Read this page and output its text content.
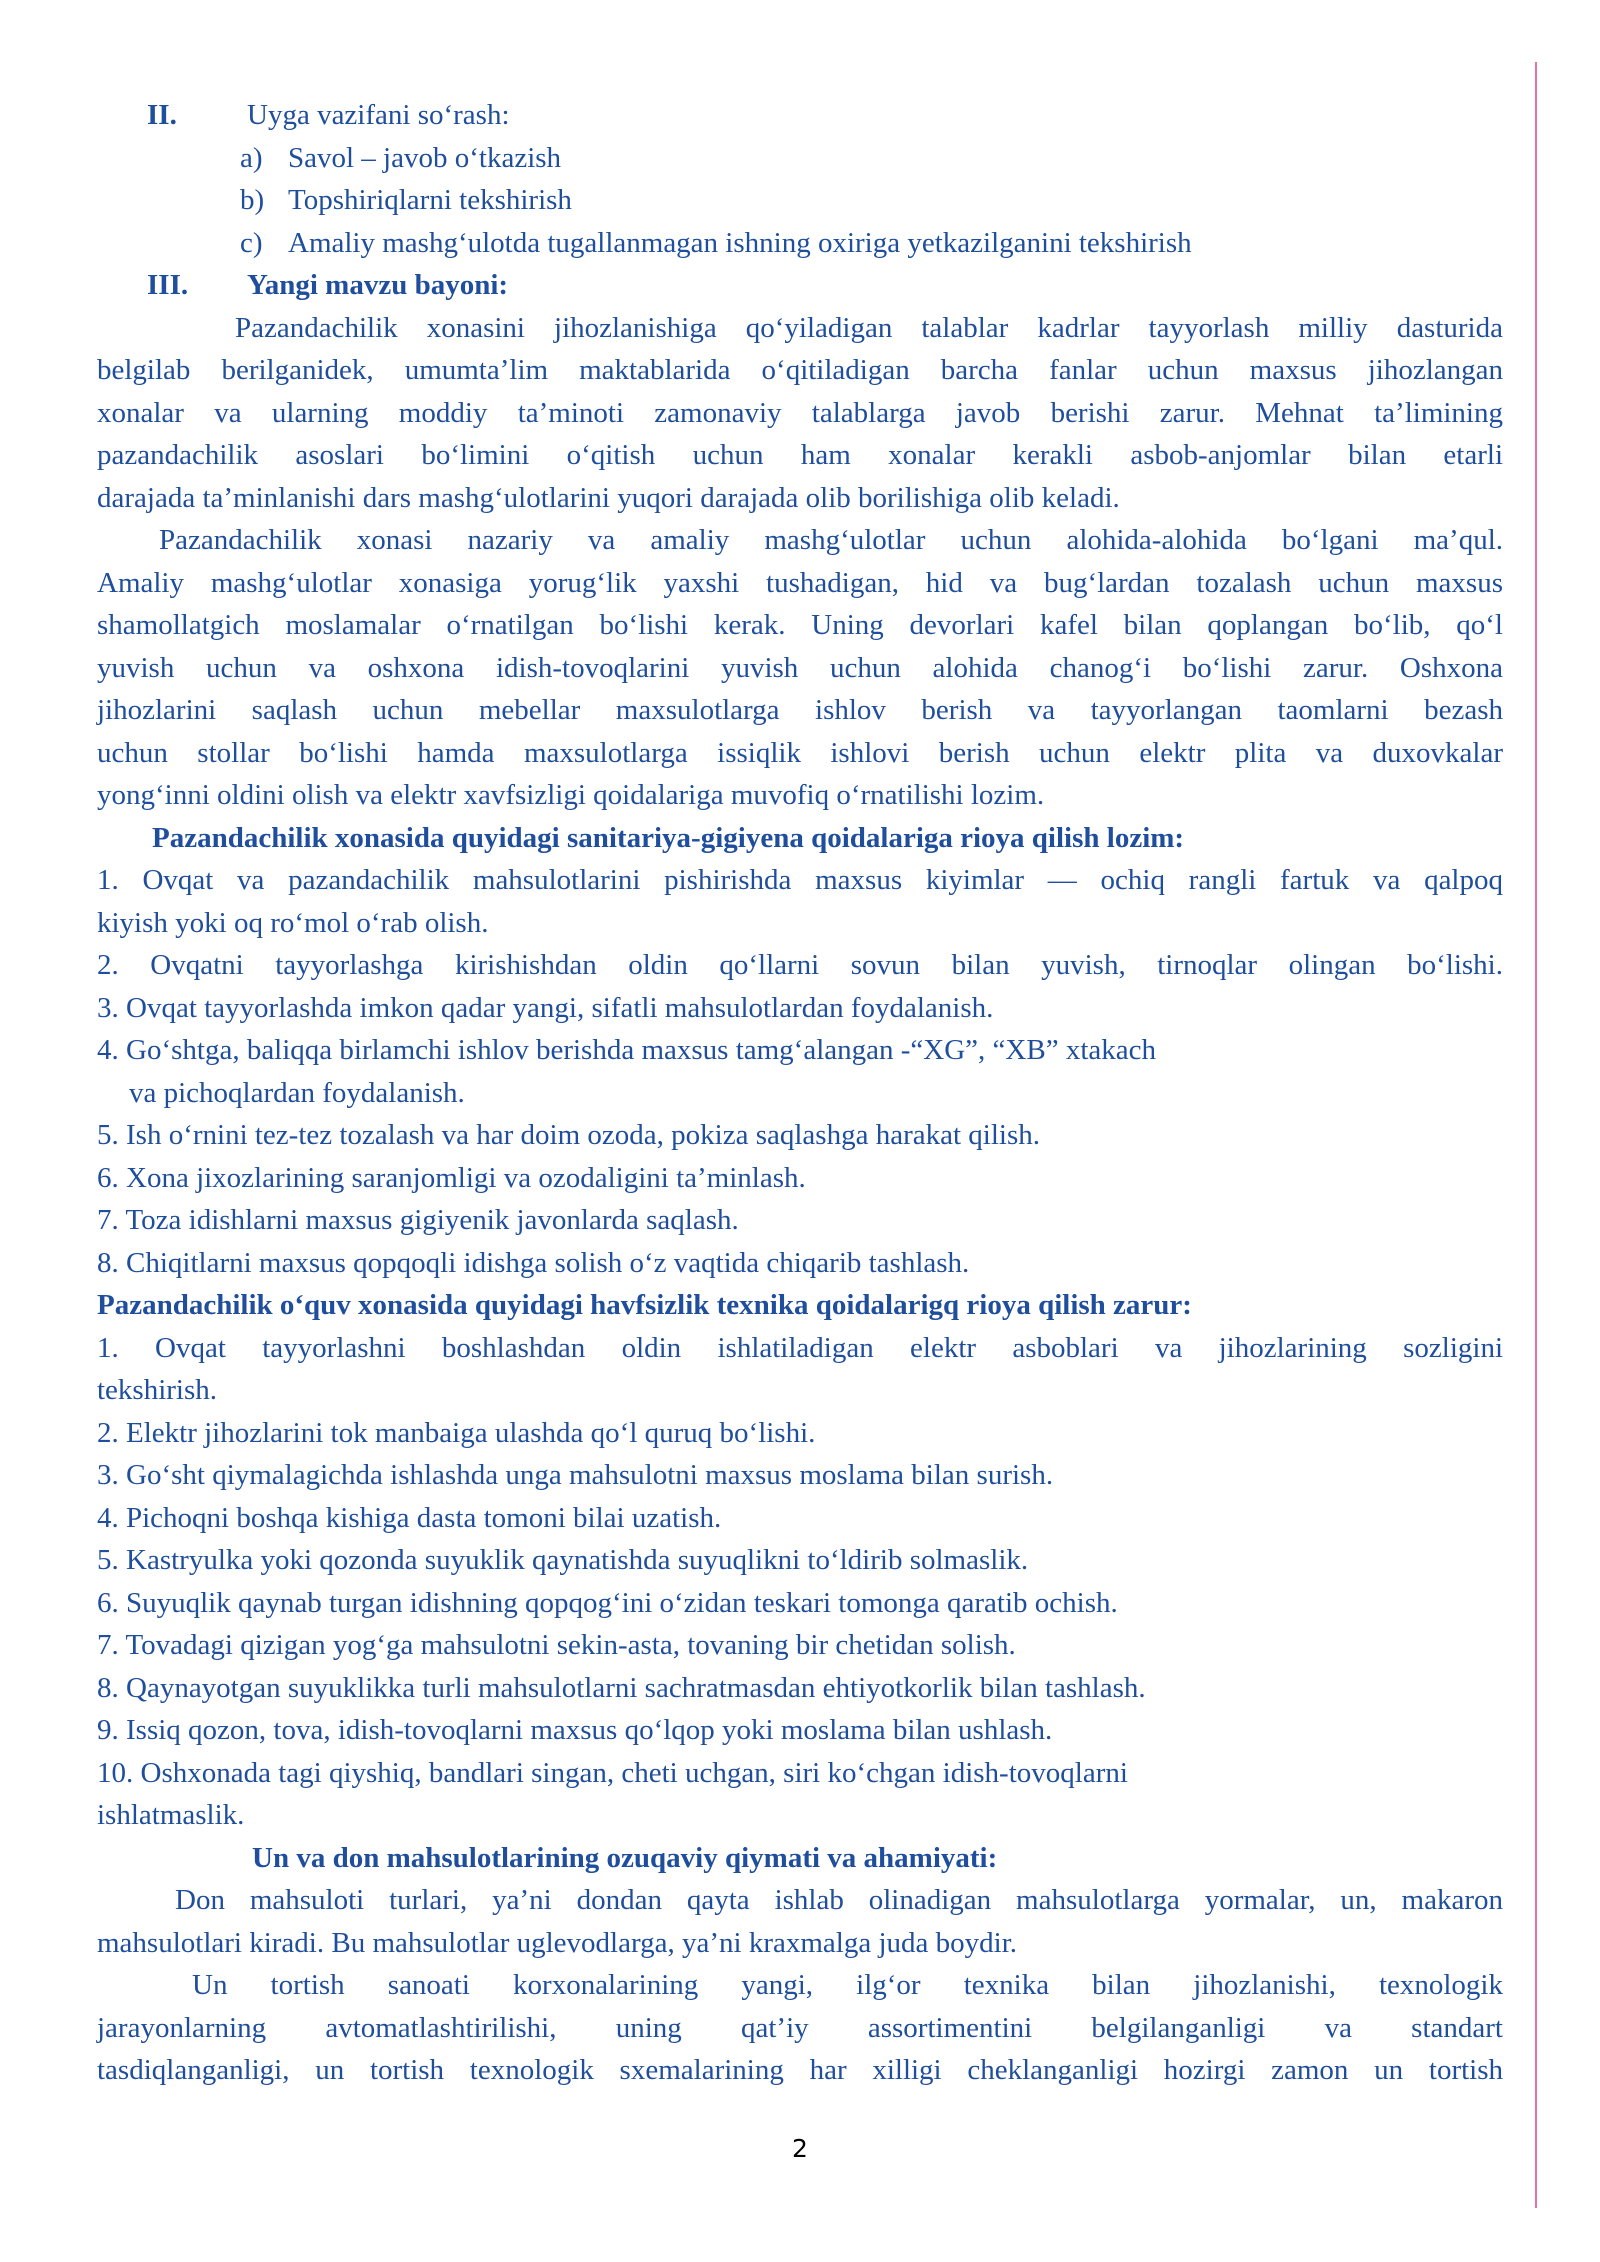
II. Uyga vazifani so‘rash:
a) Savol – javob o‘tkazish
b) Topshiriqlarni tekshirish
c) Amaliy mashg‘ulotda tugallanmagan ishning oxiriga yetkazilganini tekshirish
III. Yangi mavzu bayoni:
Pazandachilik xonasini jihozlanishiga qo‘yiladigan talablar kadrlar tayyorlash milliy dasturida
belgilab berilganidek, umumta’lim maktablarida o‘qitiladigan barcha fanlar uchun maxsus jihozlangan
xonalar va ularning moddiy ta’minoti zamonaviy talablarga javob berishi zarur. Mehnat ta’limining
pazandachilik asoslari bo‘limini o‘qitish uchun ham xonalar kerakli asbob-anjomlar bilan etarli
darajada ta’minlanishi dars mashg‘ulotlarini yuqori darajada olib borilishiga olib keladi.
Pazandachilik xonasi nazariy va amaliy mashg‘ulotlar uchun alohida-alohida bo‘lgani ma’qul.
Amaliy mashg‘ulotlar xonasiga yorug‘lik yaxshi tushadigan, hid va bug‘lardan tozalash uchun maxsus
shamollatgich moslamalar o‘rnatilgan bo‘lishi kerak. Uning devorlari kafel bilan qoplangan bo‘lib, qo‘l
yuvish uchun va oshxona idish-tovoqlarini yuvish uchun alohida chanog‘i bo‘lishi zarur. Oshxona
jihozlarini saqlash uchun mebellar maxsulotlarga ishlov berish va tayyorlangan taomlarni bezash
uchun stollar bo‘lishi hamda maxsulotlarga issiqlik ishlovi berish uchun elektr plita va duxovkalar
yong‘inni oldini olish va elektr xavfsizligi qoidalariga muvofiq o‘rnatilishi lozim.
Pazandachilik xonasida quyidagi sanitariya-gigiyena qoidalariga rioya qilish lozim:
1. Ovqat va pazandachilik mahsulotlarini pishirishda maxsus kiyimlar — ochiq rangli fartuk va qalpoq
kiyish yoki oq ro‘mol o‘rab olish.
2. Ovqatni tayyorlashga kirishishdan oldin qo‘llarni sovun bilan yuvish, tirnoqlar olingan bo‘lishi.
3. Ovqat tayyorlashda imkon qadar yangi, sifatli mahsulotlardan foydalanish.
4. Go‘shtga, baliqqa birlamchi ishlov berishda maxsus tamg‘alangan -“XG”, “XB” xtakach
va pichoqlardan foydalanish.
5. Ish o‘rnini tez-tez tozalash va har doim ozoda, pokiza saqlashga harakat qilish.
6. Xona jixozlarining saranjomligi va ozodaligini ta’minlash.
7. Toza idishlarni maxsus gigiyenik javonlarda saqlash.
8. Chiqitlarni maxsus qopqoqli idishga solish o‘z vaqtida chiqarib tashlash.
Pazandachilik o‘quv xonasida quyidagi havfsizlik texnika qoidalarigq rioya qilish zarur:
1. Ovqat tayyorlashni boshlashdan oldin ishlatiladigan elektr asboblari va jihozlarining sozligini
tekshirish.
2. Elektr jihozlarini tok manbaiga ulashda qo‘l quruq bo‘lishi.
3. Go‘sht qiymalagichda ishlashda unga mahsulotni maxsus moslama bilan surish.
4. Pichoqni boshqa kishiga dasta tomoni bilai uzatish.
5. Kastryulka yoki qozonda suyuklik qaynatishda suyuqlikni to‘ldirib solmaslik.
6. Suyuqlik qaynab turgan idishning qopqog‘ini o‘zidan teskari tomonga qaratib ochish.
7. Tovadagi qizigan yog‘ga mahsulotni sekin-asta, tovaning bir chetidan solish.
8. Qaynayotgan suyuklikka turli mahsulotlarni sachratmasdan ehtiyotkorlik bilan tashlash.
9. Issiq qozon, tova, idish-tovoqlarni maxsus qo‘lqop yoki moslama bilan ushlash.
10. Oshxonada tagi qiyshiq, bandlari singan, cheti uchgan, siri ko‘chgan idish-tovoqlarni
ishlatmaslik.
Un va don mahsulotlarining ozuqaviy qiymati va ahamiyati:
Don mahsuloti turlari, ya’ni dondan qayta ishlab olinadigan mahsulotlarga yormalar, un, makaron
mahsulotlari kiradi. Bu mahsulotlar uglevodlarga, ya’ni kraxmalga juda boydir.
Un tortish sanoati korxonalarining yangi, ilg‘or texnika bilan jihozlanishi, texnologik
jarayonlarning avtomatlashtirilishi, uning qat’iy assortimentini belgilanganligi va standart
tasdiqlanganligi, un tortish texnologik sxemalarining har xilligi cheklanganligi hozirgi zamon un tortish
2
